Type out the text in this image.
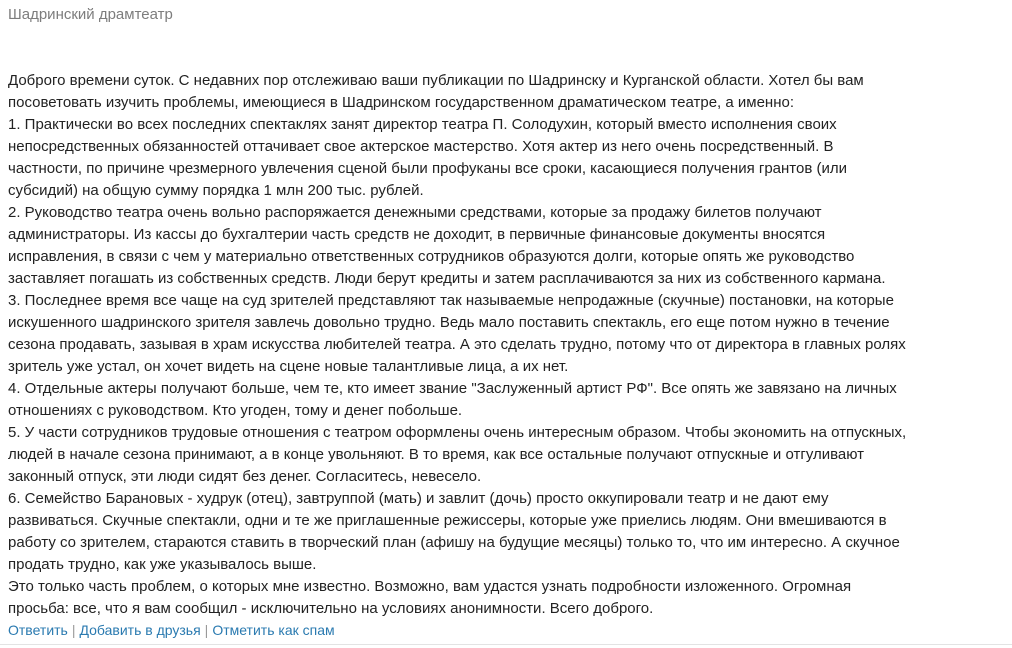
Шадринский драмтеатр
Доброго времени суток. С недавних пор отслеживаю ваши публикации по Шадринску и Курганской области. Хотел бы вам
посоветовать изучить проблемы, имеющиеся в Шадринском государственном драматическом театре, а именно:
1. Практически во всех последних спектаклях занят директор театра П. Солодухин, который вместо исполнения своих
непосредственных обязанностей оттачивает свое актерское мастерство. Хотя актер из него очень посредственный. В
частности, по причине чрезмерного увлечения сценой были профуканы все сроки, касающиеся получения грантов (или
субсидий) на общую сумму порядка 1 млн 200 тыс. рублей.
2. Руководство театра очень вольно распоряжается денежными средствами, которые за продажу билетов получают
администраторы. Из кассы до бухгалтерии часть средств не доходит, в первичные финансовые документы вносятся
исправления, в связи с чем у материально ответственных сотрудников образуются долги, которые опять же руководство
заставляет погашать из собственных средств. Люди берут кредиты и затем расплачиваются за них из собственного кармана.
3. Последнее время все чаще на суд зрителей представляют так называемые непродажные (скучные) постановки, на которые
искушенного шадринского зрителя завлечь довольно трудно. Ведь мало поставить спектакль, его еще потом нужно в течение
сезона продавать, зазывая в храм искусства любителей театра. А это сделать трудно, потому что от директора в главных ролях
зритель уже устал, он хочет видеть на сцене новые талантливые лица, а их нет.
4. Отдельные актеры получают больше, чем те, кто имеет звание "Заслуженный артист РФ". Все опять же завязано на личных
отношениях с руководством. Кто угоден, тому и денег побольше.
5. У части сотрудников трудовые отношения с театром оформлены очень интересным образом. Чтобы экономить на отпускных,
людей в начале сезона принимают, а в конце увольняют. В то время, как все остальные получают отпускные и отгуливают
законный отпуск, эти люди сидят без денег. Согласитесь, невесело.
6. Семейство Барановых - худрук (отец), завтруппой (мать) и завлит (дочь) просто оккупировали театр и не дают ему
развиваться. Скучные спектакли, одни и те же приглашенные режиссеры, которые уже приелись людям. Они вмешиваются в
работу со зрителем, стараются ставить в творческий план (афишу на будущие месяцы) только то, что им интересно. А скучное
продать трудно, как уже указывалось выше.
Это только часть проблем, о которых мне известно. Возможно, вам удастся узнать подробности изложенного. Огромная
просьба: все, что я вам сообщил - исключительно на условиях анонимности. Всего доброго.
Ответить | Добавить в друзья | Отметить как спам
